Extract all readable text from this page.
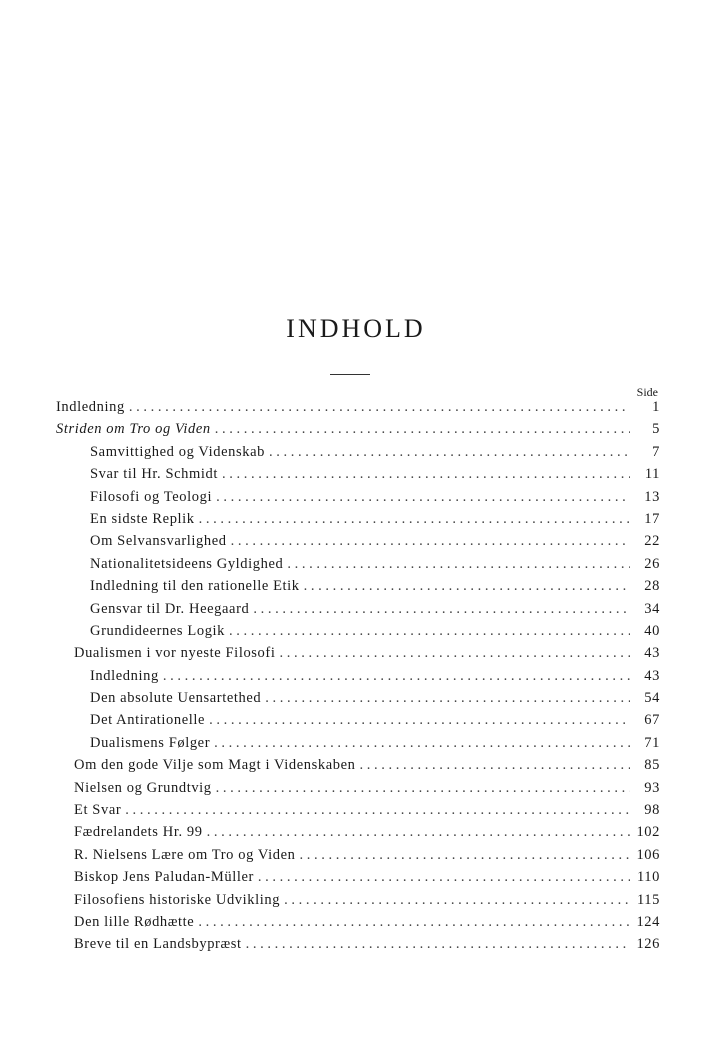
INDHOLD
Side
Indledning . . .	1
Striden om Tro og Viden . . .	5
Samvittighed og Videnskab . . .	7
Svar til Hr. Schmidt . . .	11
Filosofi og Teologi . . .	13
En sidste Replik . . .	17
Om Selvansvarlighed . . .	22
Nationalitetsideens Gyldighed . . .	26
Indledning til den rationelle Etik . . .	28
Gensvar til Dr. Heegaard . . .	34
Grundideernes Logik . . .	40
Dualismen i vor nyeste Filosofi . . .	43
Indledning . . .	43
Den absolute Uensartethed . . .	54
Det Antirationelle . . .	67
Dualismens Følger . . .	71
Om den gode Vilje som Magt i Videnskaben . . .	85
Nielsen og Grundtvig . . .	93
Et Svar . . .	98
Fædrelandets Hr. 99 . . .	102
R. Nielsens Lære om Tro og Viden . . .	106
Biskop Jens Paludan-Müller . . .	110
Filosofiens historiske Udvikling . . .	115
Den lille Rødhætte . . .	124
Breve til en Landsbypræst . . .	126
